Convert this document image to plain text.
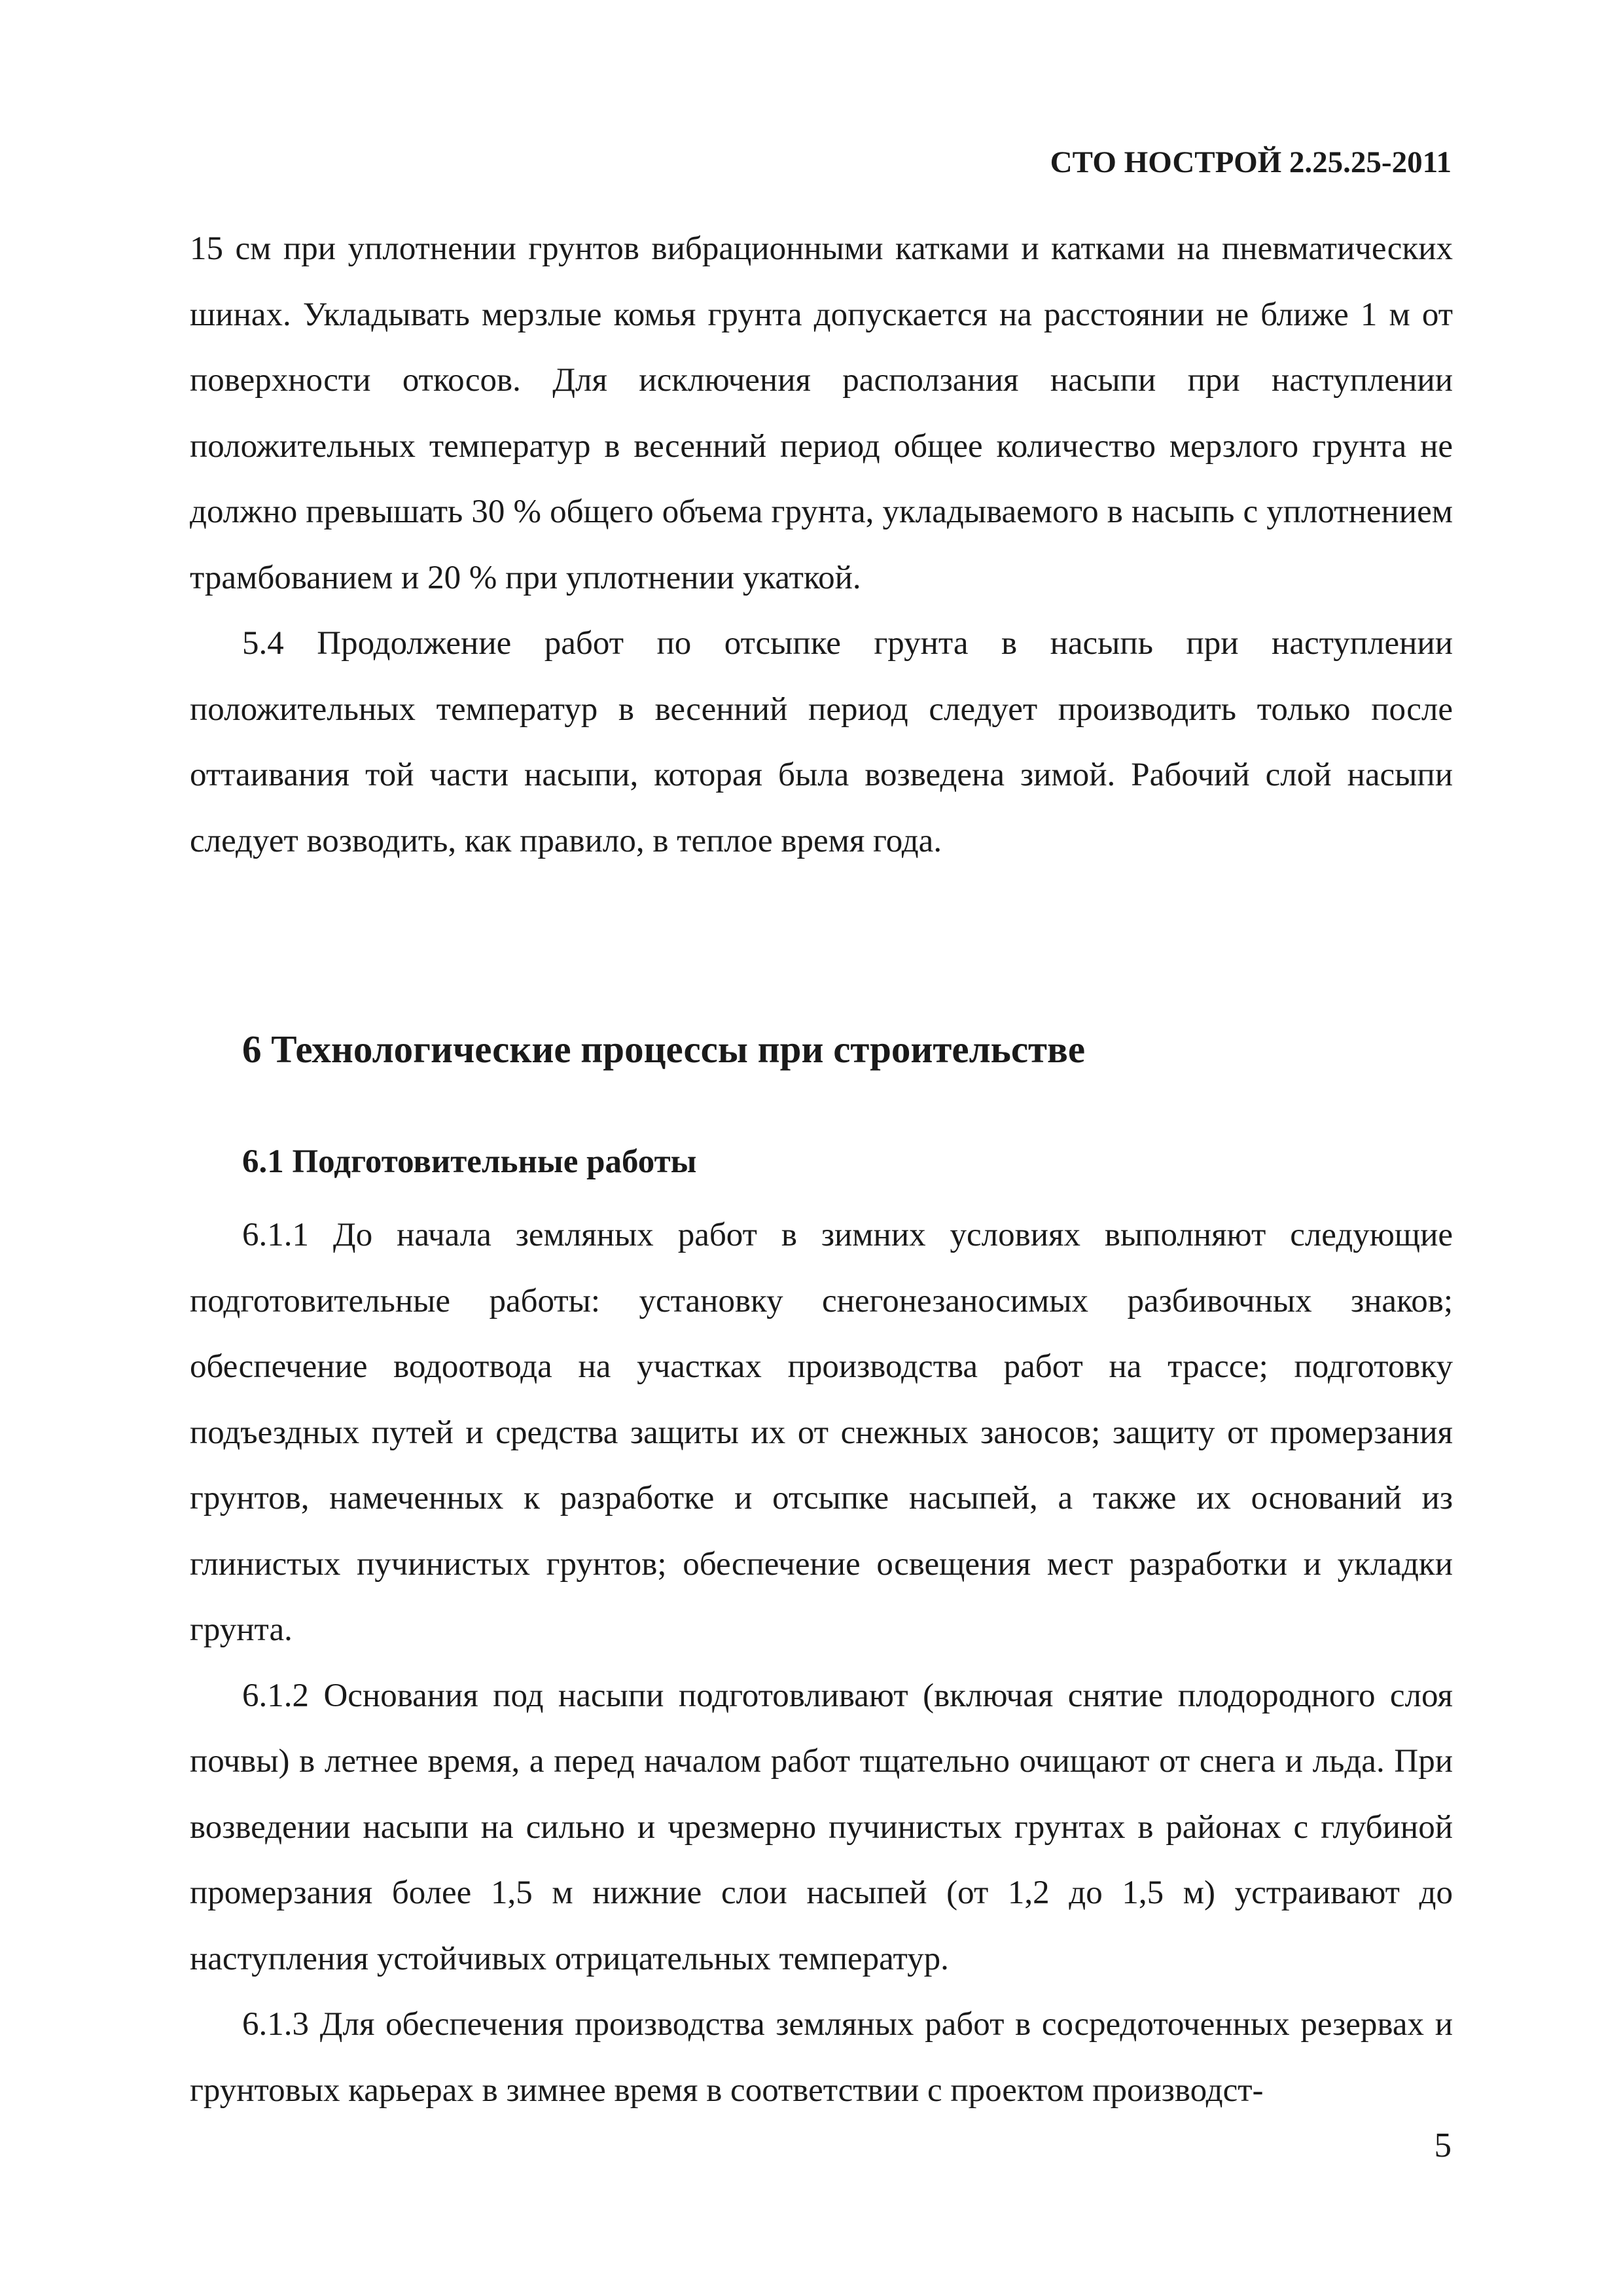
СТО НОСТРОЙ 2.25.25-2011

15 см при уплотнении грунтов вибрационными катками и катками на пневматических шинах. Укладывать мерзлые комья грунта допускается на расстоянии не ближе 1 м от поверхности откосов. Для исключения расползания насыпи при наступлении положительных температур в весенний период общее количество мерзлого грунта не должно превышать 30 % общего объема грунта, укладываемого в насыпь с уплотнением трамбованием и 20 % при уплотнении укаткой.

5.4 Продолжение работ по отсыпке грунта в насыпь при наступлении положительных температур в весенний период следует производить только после оттаивания той части насыпи, которая была возведена зимой. Рабочий слой насыпи следует возводить, как правило, в теплое время года.

6 Технологические процессы при строительстве
6.1 Подготовительные работы

6.1.1 До начала земляных работ в зимних условиях выполняют следующие подготовительные работы: установку снегонезаносимых разбивочных знаков; обеспечение водоотвода на участках производства работ на трассе; подготовку подъездных путей и средства защиты их от снежных заносов; защиту от промерзания грунтов, намеченных к разработке и отсыпке насыпей, а также их оснований из глинистых пучинистых грунтов; обеспечение освещения мест разработки и укладки грунта.

6.1.2 Основания под насыпи подготовливают (включая снятие плодородного слоя почвы) в летнее время, а перед началом работ тщательно очищают от снега и льда. При возведении насыпи на сильно и чрезмерно пучинистых грунтах в районах с глубиной промерзания более 1,5 м нижние слои насыпей (от 1,2 до 1,5 м) устраивают до наступления устойчивых отрицательных температур.

6.1.3 Для обеспечения производства земляных работ в сосредоточенных резервах и грунтовых карьерах в зимнее время в соответствии с проектом производст-

5
